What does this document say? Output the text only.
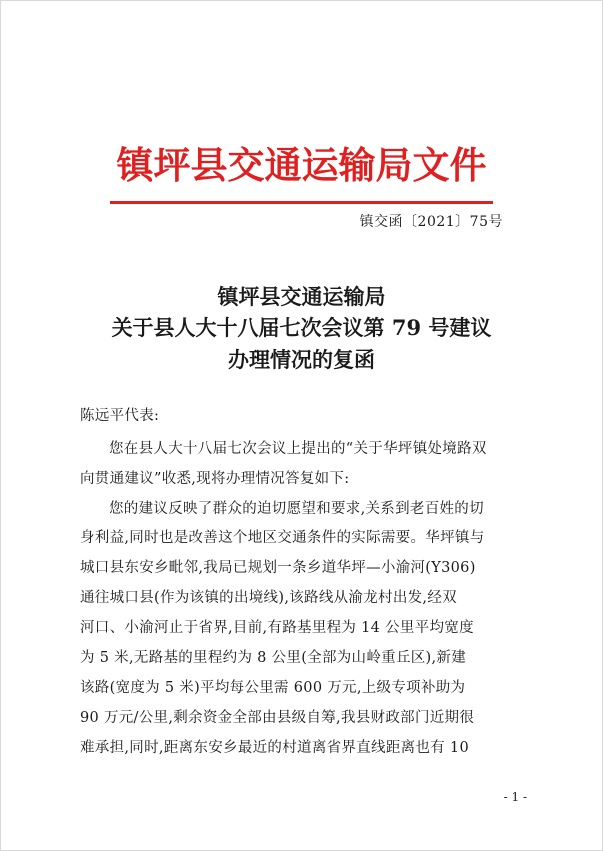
镇坪县交通运输局文件
镇交函〔2021〕75号
镇坪县交通运输局
关于县人大十八届七次会议第 79 号建议
办理情况的复函
陈远平代表:
您在县人大十八届七次会议上提出的“关于华坪镇处境路双
向贯通建议”收悉,现将办理情况答复如下:
您的建议反映了群众的迫切愿望和要求,关系到老百姓的切
身利益,同时也是改善这个地区交通条件的实际需要。华坪镇与
城口县东安乡毗邻,我局已规划一条乡道华坪—小渝河(Y306)
通往城口县(作为该镇的出境线),该路线从渝龙村出发,经双
河口、小渝河止于省界,目前,有路基里程为 14 公里平均宽度
为 5 米,无路基的里程约为 8 公里(全部为山岭重丘区),新建
该路(宽度为 5 米)平均每公里需 600 万元,上级专项补助为
90 万元/公里,剩余资金全部由县级自筹,我县财政部门近期很
难承担,同时,距离东安乡最近的村道离省界直线距离也有 10
- 1 -
